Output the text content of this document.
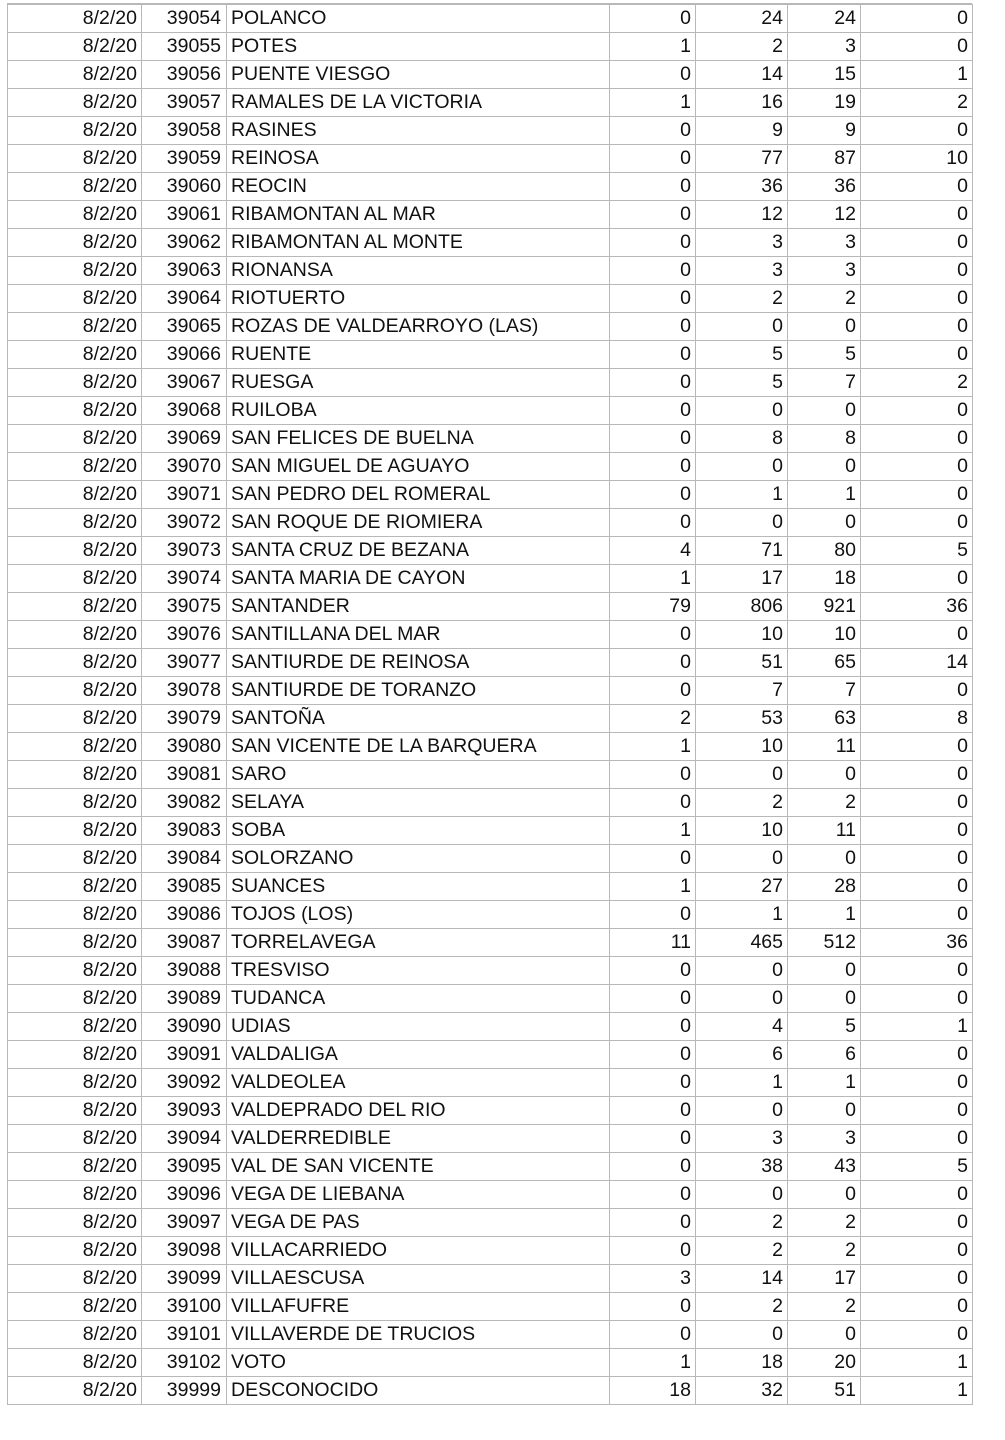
8/2/20	39054	POLANCO	0	24	24	0
8/2/20	39055	POTES	1	2	3	0
8/2/20	39056	PUENTE VIESGO	0	14	15	1
8/2/20	39057	RAMALES DE LA VICTORIA	1	16	19	2
8/2/20	39058	RASINES	0	9	9	0
8/2/20	39059	REINOSA	0	77	87	10
8/2/20	39060	REOCIN	0	36	36	0
8/2/20	39061	RIBAMONTAN AL MAR	0	12	12	0
8/2/20	39062	RIBAMONTAN AL MONTE	0	3	3	0
8/2/20	39063	RIONANSA	0	3	3	0
8/2/20	39064	RIOTUERTO	0	2	2	0
8/2/20	39065	ROZAS DE VALDEARROYO (LAS)	0	0	0	0
8/2/20	39066	RUENTE	0	5	5	0
8/2/20	39067	RUESGA	0	5	7	2
8/2/20	39068	RUILOBA	0	0	0	0
8/2/20	39069	SAN FELICES DE BUELNA	0	8	8	0
8/2/20	39070	SAN MIGUEL DE AGUAYO	0	0	0	0
8/2/20	39071	SAN PEDRO DEL ROMERAL	0	1	1	0
8/2/20	39072	SAN ROQUE DE RIOMIERA	0	0	0	0
8/2/20	39073	SANTA CRUZ DE BEZANA	4	71	80	5
8/2/20	39074	SANTA MARIA DE CAYON	1	17	18	0
8/2/20	39075	SANTANDER	79	806	921	36
8/2/20	39076	SANTILLANA DEL MAR	0	10	10	0
8/2/20	39077	SANTIURDE DE REINOSA	0	51	65	14
8/2/20	39078	SANTIURDE DE TORANZO	0	7	7	0
8/2/20	39079	SANTOÑA	2	53	63	8
8/2/20	39080	SAN VICENTE DE LA BARQUERA	1	10	11	0
8/2/20	39081	SARO	0	0	0	0
8/2/20	39082	SELAYA	0	2	2	0
8/2/20	39083	SOBA	1	10	11	0
8/2/20	39084	SOLORZANO	0	0	0	0
8/2/20	39085	SUANCES	1	27	28	0
8/2/20	39086	TOJOS (LOS)	0	1	1	0
8/2/20	39087	TORRELAVEGA	11	465	512	36
8/2/20	39088	TRESVISO	0	0	0	0
8/2/20	39089	TUDANCA	0	0	0	0
8/2/20	39090	UDIAS	0	4	5	1
8/2/20	39091	VALDALIGA	0	6	6	0
8/2/20	39092	VALDEOLEA	0	1	1	0
8/2/20	39093	VALDEPRADO DEL RIO	0	0	0	0
8/2/20	39094	VALDERREDIBLE	0	3	3	0
8/2/20	39095	VAL DE SAN VICENTE	0	38	43	5
8/2/20	39096	VEGA DE LIEBANA	0	0	0	0
8/2/20	39097	VEGA DE PAS	0	2	2	0
8/2/20	39098	VILLACARRIEDO	0	2	2	0
8/2/20	39099	VILLAESCUSA	3	14	17	0
8/2/20	39100	VILLAFUFRE	0	2	2	0
8/2/20	39101	VILLAVERDE DE TRUCIOS	0	0	0	0
8/2/20	39102	VOTO	1	18	20	1
8/2/20	39999	DESCONOCIDO	18	32	51	1
